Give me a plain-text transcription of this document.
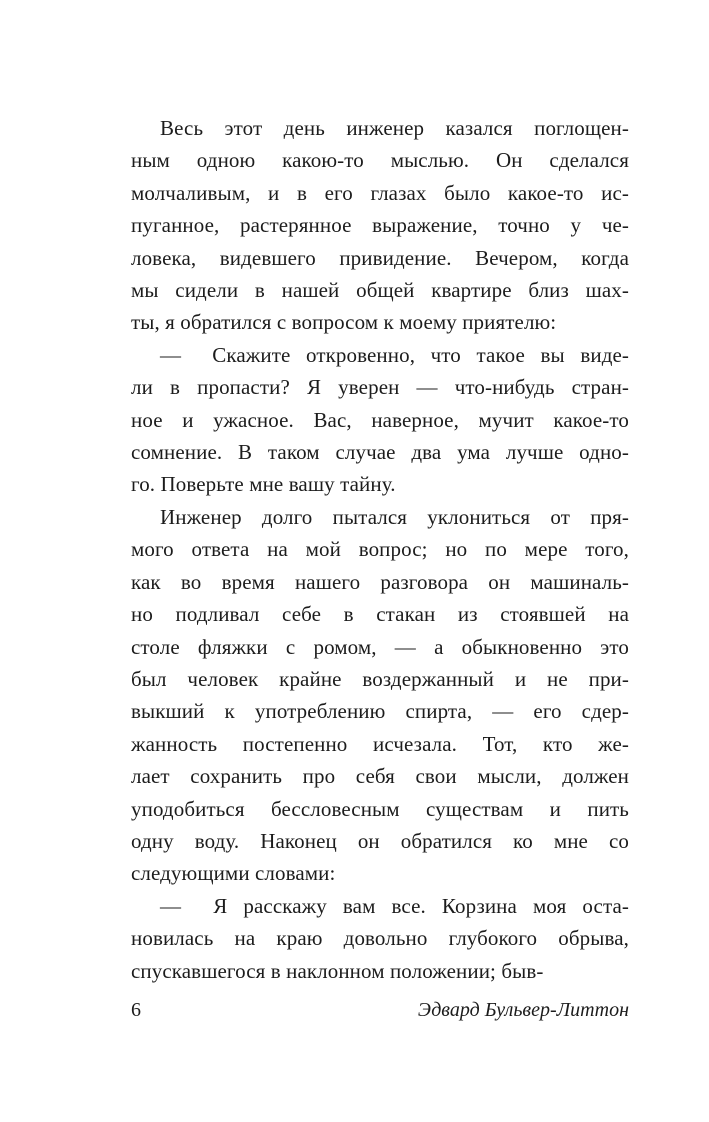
Весь этот день инженер казался поглощен-
ным одною какою-то мыслью. Он сделался
молчаливым, и в его глазах было какое-то ис-
пуганное, растерянное выражение, точно у че-
ловека, видевшего привидение. Вечером, когда
мы сидели в нашей общей квартире близ шах-
ты, я обратился с вопросом к моему приятелю:
—  Скажите откровенно, что такое вы виде-
ли в пропасти? Я уверен — что-нибудь стран-
ное и ужасное. Вас, наверное, мучит какое-то
сомнение. В таком случае два ума лучше одно-
го. Поверьте мне вашу тайну.
Инженер долго пытался уклониться от пря-
мого ответа на мой вопрос; но по мере того,
как во время нашего разговора он машиналь-
но подливал себе в стакан из стоявшей на
столе фляжки с ромом, — а обыкновенно это
был человек крайне воздержанный и не при-
выкший к употреблению спирта, — его сдер-
жанность постепенно исчезала. Тот, кто же-
лает сохранить про себя свои мысли, должен
уподобиться бессловесным существам и пить
одну воду. Наконец он обратился ко мне со
следующими словами:
—  Я расскажу вам все. Корзина моя оста-
новилась на краю довольно глубокого обрыва,
спускавшегося в наклонном положении; быв-
6	Эдвард Бульвер-Литтон
